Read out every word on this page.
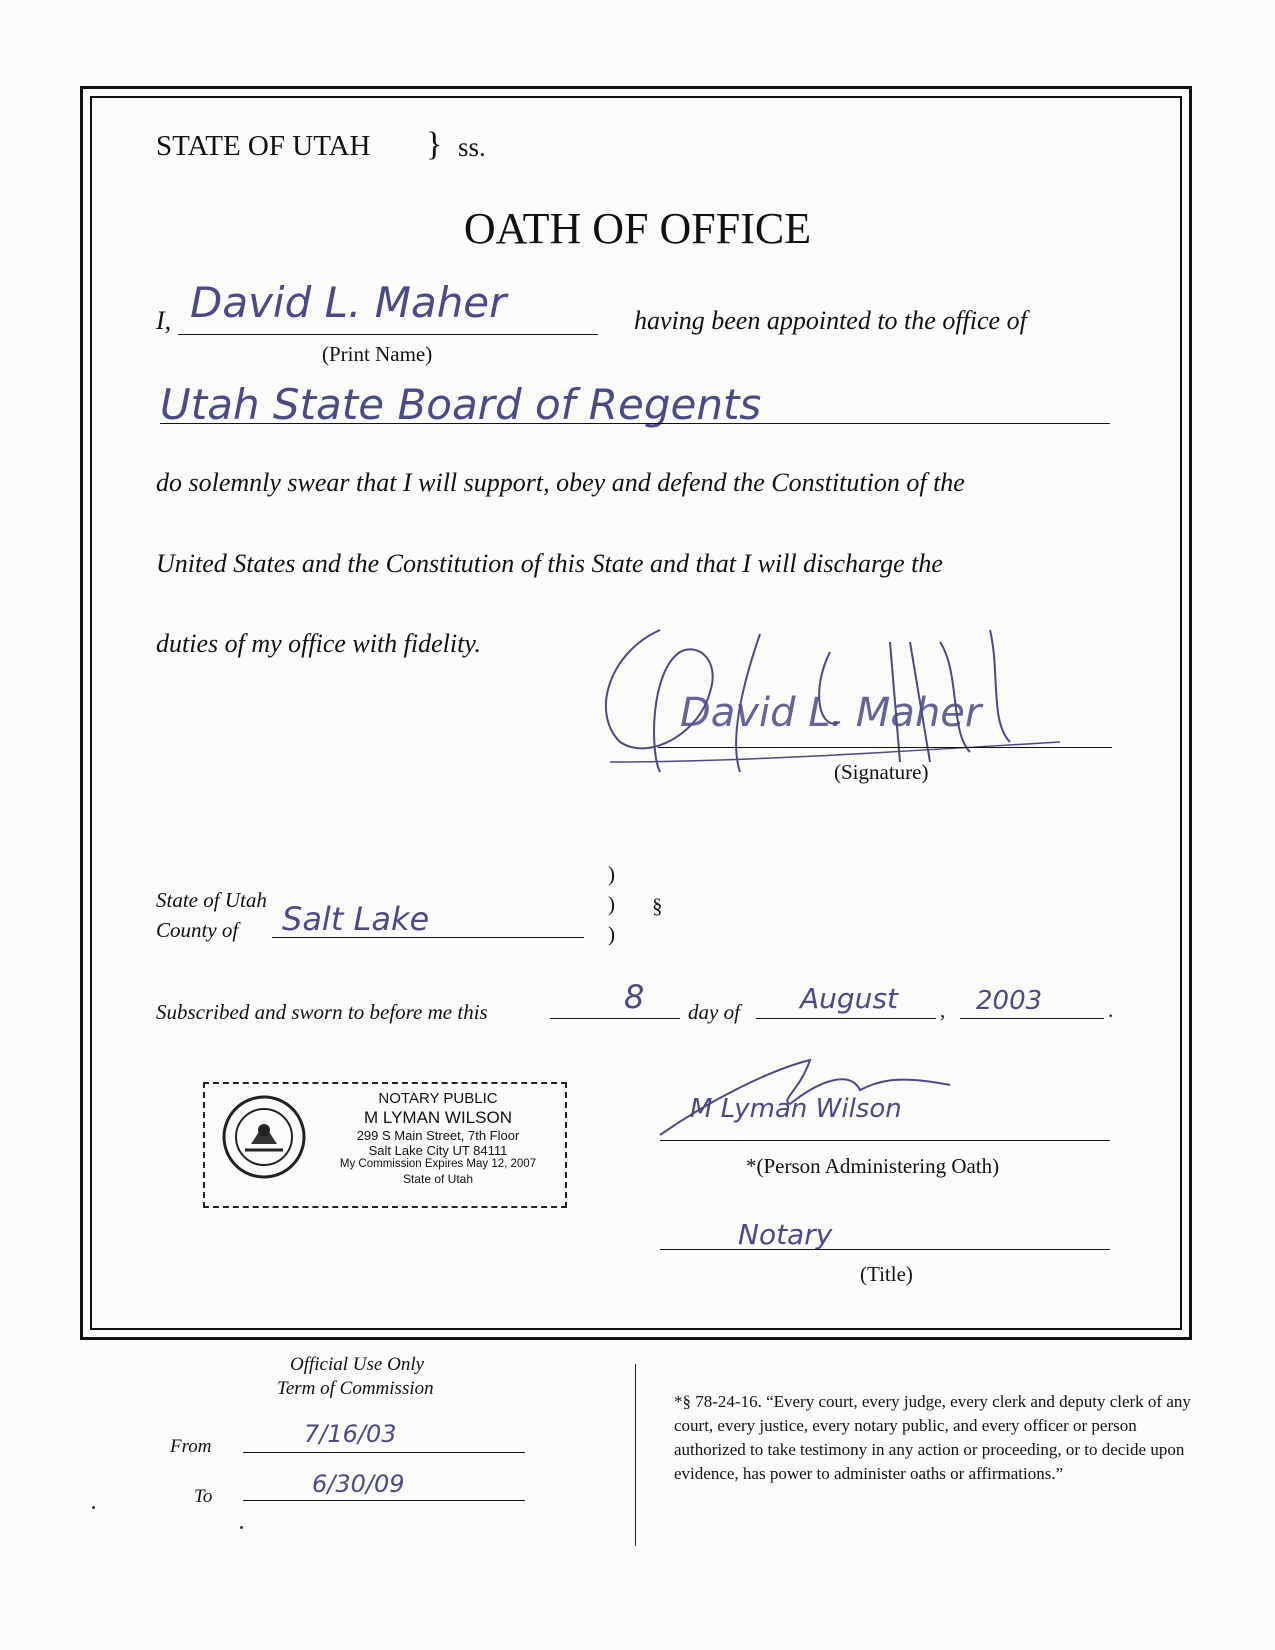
STATE OF UTAH } ss.
OATH OF OFFICE
I, David L. Maher
(Print Name)
having been appointed to the office of
Utah State Board of Regents
do solemnly swear that I will support, obey and defend the Constitution of the
United States and the Constitution of this State and that I will discharge the
duties of my office with fidelity.
David L. Maher
(Signature)
State of Utah
County of Salt Lake
)
)
)
§
Subscribed and sworn to before me this	8 day of August , 2003	.
NOTARY PUBLIC
M LYMAN WILSON
299 S Main Street, 7th Floor
Salt Lake City UT 84111
My Commission Expires May 12, 2007
State of Utah
M Lyman Wilson
*(Person Administering Oath)
Notary
(Title)
Official Use Only
Term of Commission
From	7/16/03
To	6/30/09
*§ 78-24-16. “Every court, every judge, every clerk and deputy clerk of any court, every justice, every notary public, and every officer or person authorized to take testimony in any action or proceeding, or to decide upon evidence, has power to administer oaths or affirmations.”
